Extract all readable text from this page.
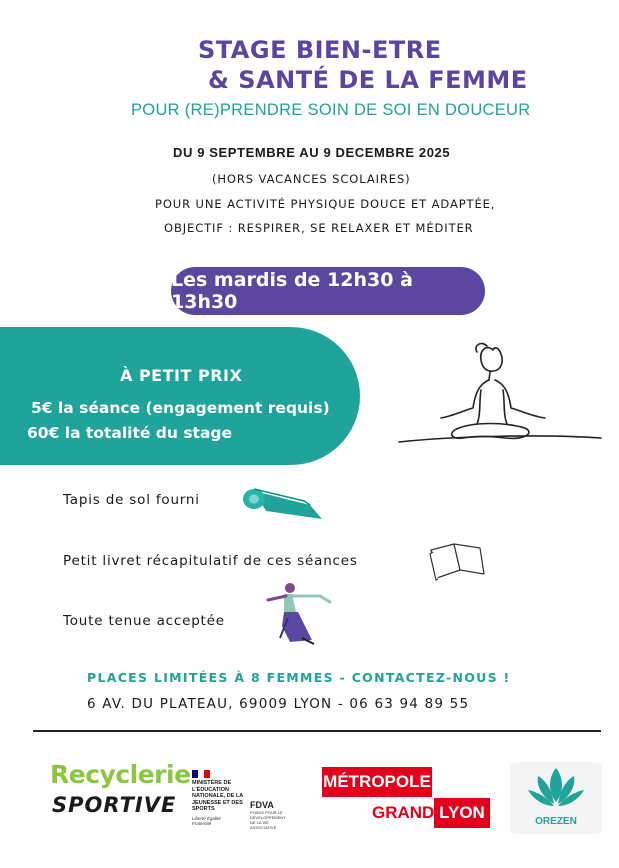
STAGE BIEN-ETRE
& SANTÉ DE LA FEMME
POUR (RE)PRENDRE SOIN DE SOI EN DOUCEUR
DU 9 SEPTEMBRE AU 9 DECEMBRE 2025
(HORS VACANCES SCOLAIRES)
POUR UNE ACTIVITÉ PHYSIQUE DOUCE ET ADAPTÉE,
OBJECTIF : RESPIRER, SE RELAXER ET MÉDITER
Les mardis de 12h30 à 13h30
À PETIT PRIX
5€ la séance (engagement requis)
60€ la totalité du stage
Tapis de sol fourni
Petit livret récapitulatif de ces séances
Toute tenue acceptée
PLACES LIMITÉES À 8 FEMMES - CONTACTEZ-NOUS !
6 AV. DU PLATEAU, 69009 LYON - 06 63 94 89 55
Recyclerie
SPORTIVE
MINISTÈRE DE L'ÉDUCATION NATIONALE, DE LA JEUNESSE ET DES SPORTS
Liberté Égalité Fraternité
FDVA
FONDS POUR LE DÉVELOPPEMENT DE LA VIE ASSOCIATIVE
MÉTROPOLE
GRAND LYON	OREZEN
